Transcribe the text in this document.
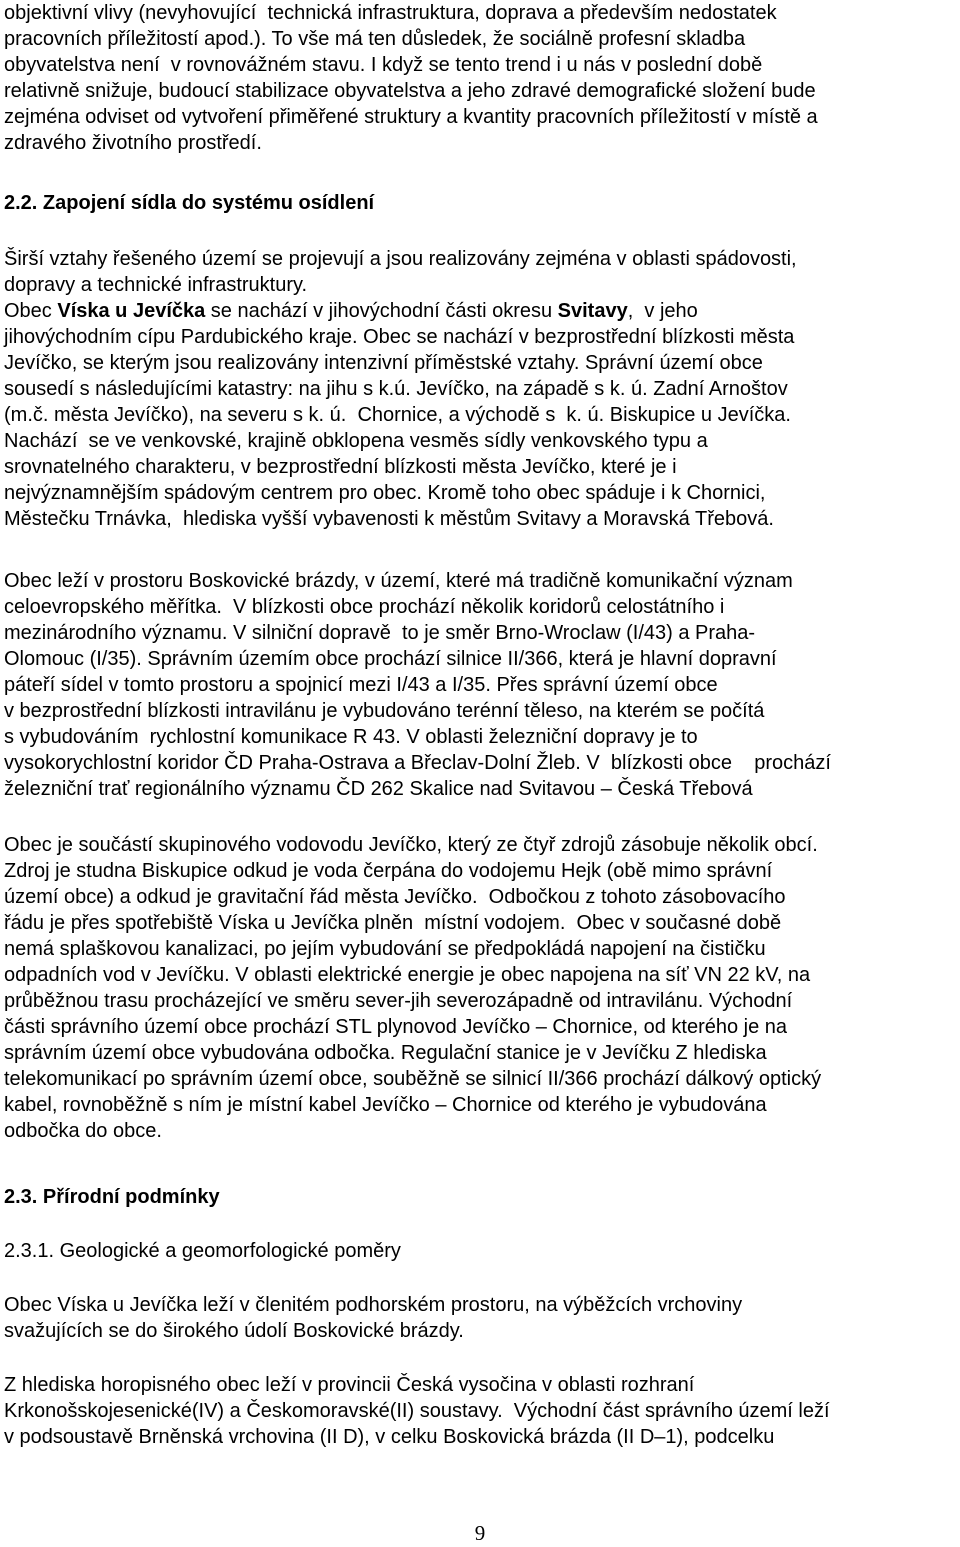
objektivní vlivy (nevyhovující  technická infrastruktura, doprava a především nedostatek
pracovních příležitostí apod.). To vše má ten důsledek, že sociálně profesní skladba
obyvatelstva není  v rovnovážném stavu. I když se tento trend i u nás v poslední době
relativně snižuje, budoucí stabilizace obyvatelstva a jeho zdravé demografické složení bude
zejména odviset od vytvoření přiměřené struktury a kvantity pracovních příležitostí v místě a
zdravého životního prostředí.
2.2. Zapojení sídla do systému osídlení
Širší vztahy řešeného území se projevují a jsou realizovány zejména v oblasti spádovosti,
dopravy a technické infrastruktury.
Obec Víska u Jevíčka se nachází v jihovýchodní části okresu Svitavy,  v jeho
jihovýchodním cípu Pardubického kraje. Obec se nachází v bezprostřední blízkosti města
Jevíčko, se kterým jsou realizovány intenzivní příměstské vztahy. Správní území obce
sousedí s následujícími katastry: na jihu s k.ú. Jevíčko, na západě s k. ú. Zadní Arnoštov
(m.č. města Jevíčko), na severu s k. ú.  Chornice, a východě s  k. ú. Biskupice u Jevíčka.
Nachází  se ve venkovské, krajině obklopena vesměs sídly venkovského typu a
srovnatelného charakteru, v bezprostřední blízkosti města Jevíčko, které je i
nejvýznamnějším spádovým centrem pro obec. Kromě toho obec spáduje i k Chornici,
Městečku Trnávka,  hlediska vyšší vybavenosti k městům Svitavy a Moravská Třebová.
Obec leží v prostoru Boskovické brázdy, v území, které má tradičně komunikační význam
celoevropského měřítka.  V blízkosti obce prochází několik koridorů celostátního i
mezinárodního významu. V silniční dopravě  to je směr Brno-Wroclaw (I/43) a Praha-
Olomouc (I/35). Správním územím obce prochází silnice II/366, která je hlavní dopravní
páteří sídel v tomto prostoru a spojnicí mezi I/43 a I/35. Přes správní území obce
v bezprostřední blízkosti intravilánu je vybudováno terénní těleso, na kterém se počítá
s vybudováním  rychlostní komunikace R 43. V oblasti železniční dopravy je to
vysokorychlostní koridor ČD Praha-Ostrava a Břeclav-Dolní Žleb. V  blízkosti obce    prochází
železniční trať regionálního významu ČD 262 Skalice nad Svitavou – Česká Třebová
Obec je součástí skupinového vodovodu Jevíčko, který ze čtyř zdrojů zásobuje několik obcí.
Zdroj je studna Biskupice odkud je voda čerpána do vodojemu Hejk (obě mimo správní
území obce) a odkud je gravitační řád města Jevíčko.  Odbočkou z tohoto zásobovacího
řádu je přes spotřebiště Víska u Jevíčka plněn  místní vodojem.  Obec v současné době
nemá splaškovou kanalizaci, po jejím vybudování se předpokládá napojení na čističku
odpadních vod v Jevíčku. V oblasti elektrické energie je obec napojena na síť VN 22 kV, na
průběžnou trasu procházející ve směru sever-jih severozápadně od intravilánu. Východní
části správního území obce prochází STL plynovod Jevíčko – Chornice, od kterého je na
správním území obce vybudována odbočka. Regulační stanice je v Jevíčku Z hlediska
telekomunikací po správním území obce, souběžně se silnicí II/366 prochází dálkový optický
kabel, rovnoběžně s ním je místní kabel Jevíčko – Chornice od kterého je vybudována
odbočka do obce.
2.3. Přírodní podmínky
2.3.1. Geologické a geomorfologické poměry
Obec Víska u Jevíčka leží v členitém podhorském prostoru, na výběžcích vrchoviny
svažujících se do širokého údolí Boskovické brázdy.
Z hlediska horopisného obec leží v provincii Česká vysočina v oblasti rozhraní
Krkonošskojesenické(IV) a Českomoravské(II) soustavy.  Východní část správního území leží
v podsoustavě Brněnská vrchovina (II D), v celku Boskovická brázda (II D–1), podcelku
9
